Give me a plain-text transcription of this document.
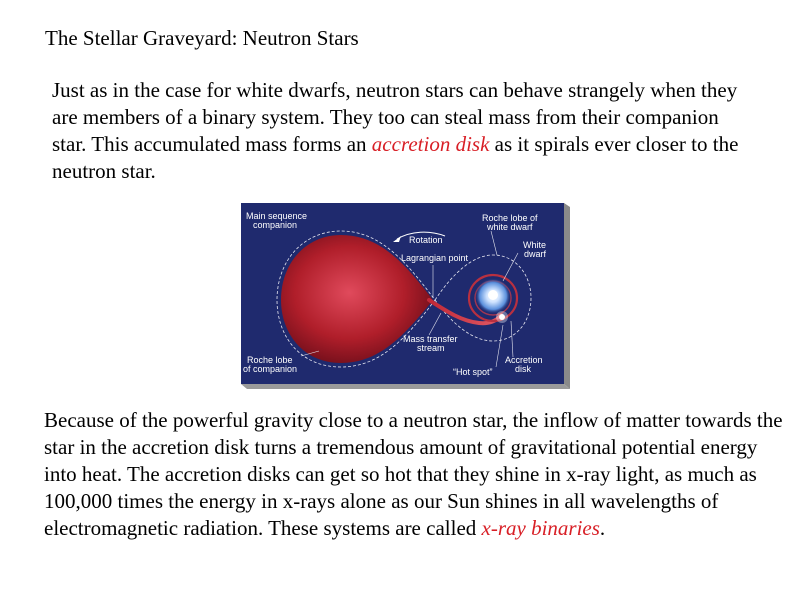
The Stellar Graveyard: Neutron Stars

Just as in the case for white dwarfs, neutron stars can behave strangely when they are members of a binary system. They too can steal mass from their companion star. This accumulated mass forms an accretion disk as it spirals ever closer to the neutron star.

Main sequence
companion
Roche lobe of
white dwarf
Rotation
Lagrangian point
White
dwarf
Mass transfer
stream
Roche lobe
of companion	“Hot spot”
Accretion
disk

Because of the powerful gravity close to a neutron star, the inflow of matter towards the star in the accretion disk turns a tremendous amount of gravitational potential energy into heat. The accretion disks can get so hot that they shine in x-ray light, as much as 100,000 times the energy in x-rays alone as our Sun shines in all wavelengths of electromagnetic radiation. These systems are called x-ray binaries.
